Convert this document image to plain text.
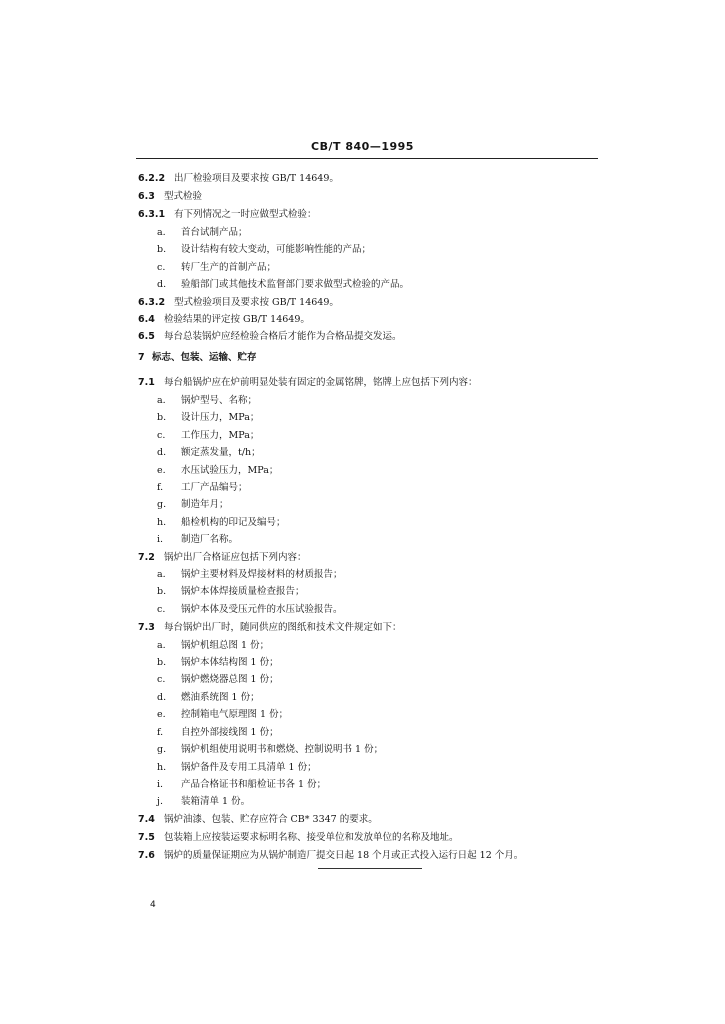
CB/T 840—1995
6.2.2 出厂检验项目及要求按 GB/T 14649。
6.3 型式检验
6.3.1 有下列情况之一时应做型式检验：
a. 首台试制产品；
b. 设计结构有较大变动，可能影响性能的产品；
c. 转厂生产的首制产品；
d. 验船部门或其他技术监督部门要求做型式检验的产品。
6.3.2 型式检验项目及要求按 GB/T 14649。
6.4 检验结果的评定按 GB/T 14649。
6.5 每台总装锅炉应经检验合格后才能作为合格品提交发运。
7 标志、包装、运输、贮存
7.1 每台船锅炉应在炉前明显处装有固定的金属铭牌，铭牌上应包括下列内容：
a. 锅炉型号、名称；
b. 设计压力，MPa；
c. 工作压力，MPa；
d. 额定蒸发量，t/h；
e. 水压试验压力，MPa；
f. 工厂产品编号；
g. 制造年月；
h. 船检机构的印记及编号；
i. 制造厂名称。
7.2 锅炉出厂合格证应包括下列内容：
a. 锅炉主要材料及焊接材料的材质报告；
b. 锅炉本体焊接质量检查报告；
c. 锅炉本体及受压元件的水压试验报告。
7.3 每台锅炉出厂时，随同供应的图纸和技术文件规定如下：
a. 锅炉机组总图 1 份；
b. 锅炉本体结构图 1 份；
c. 锅炉燃烧器总图 1 份；
d. 燃油系统图 1 份；
e. 控制箱电气原理图 1 份；
f. 自控外部接线图 1 份；
g. 锅炉机组使用说明书和燃烧、控制说明书 1 份；
h. 锅炉备件及专用工具清单 1 份；
i. 产品合格证书和船检证书各 1 份；
j. 装箱清单 1 份。
7.4 锅炉油漆、包装、贮存应符合 CB* 3347 的要求。
7.5 包装箱上应按装运要求标明名称、接受单位和发放单位的名称及地址。
7.6 锅炉的质量保证期应为从锅炉制造厂提交日起 18 个月或正式投入运行日起 12 个月。
4
